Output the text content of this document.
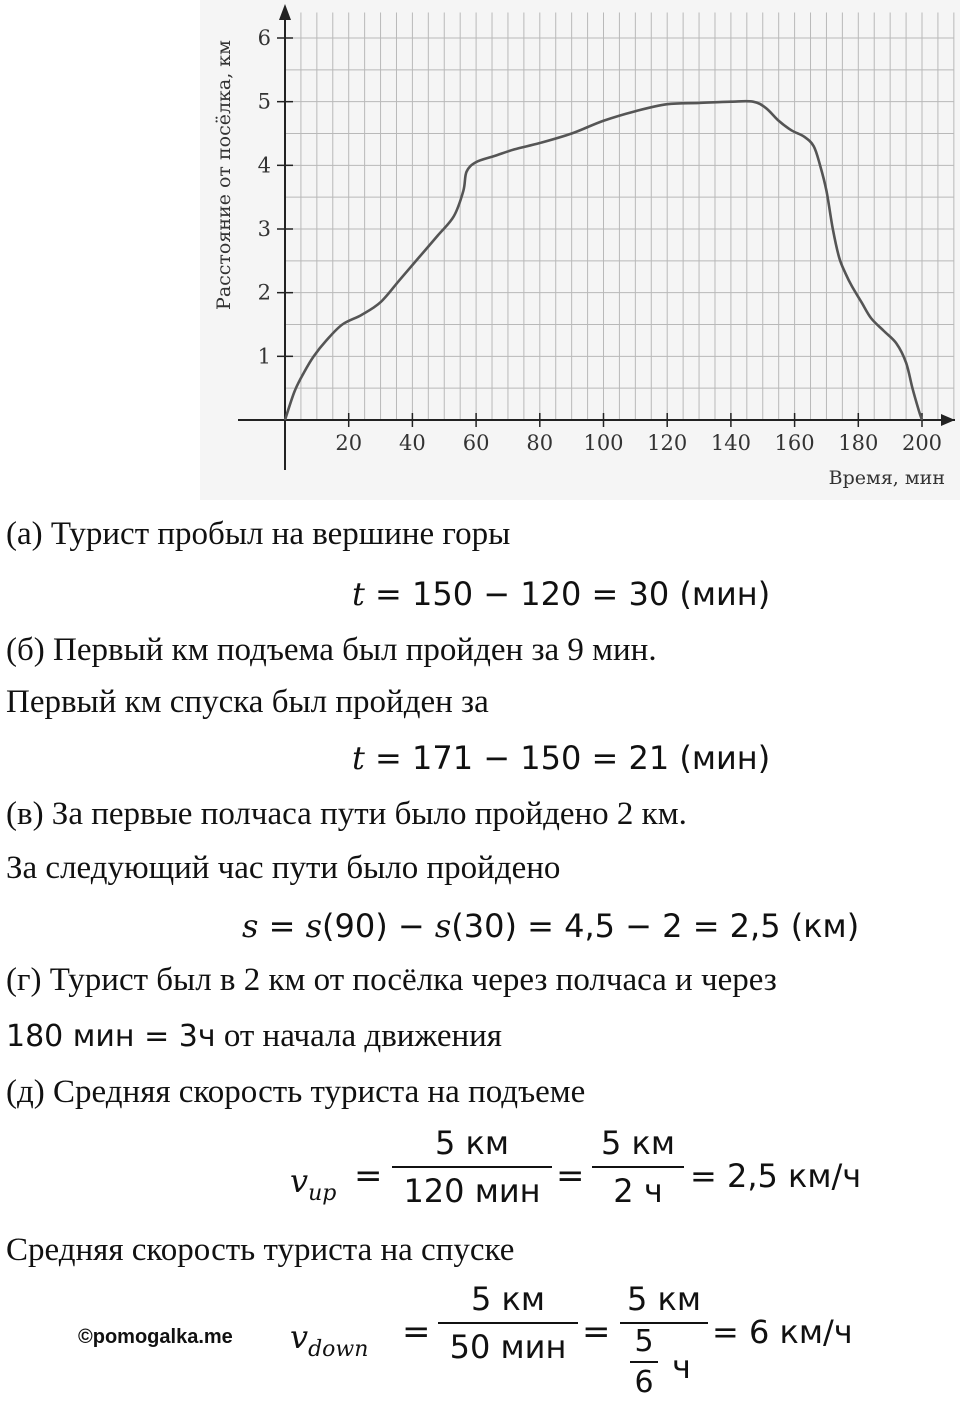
20 40 60 80 100 120 140 160 180 200
1
2
3
4
5
6
Время, мин
Расстояние от посёлка, км
(а) Турист пробыл на вершине горы
t = 150 − 120 = 30 (мин)
(б) Первый км подъема был пройден за 9 мин.
Первый км спуска был пройден за
t = 171 − 150 = 21 (мин)
(в) За первые полчаса пути было пройдено 2 км.
За следующий час пути было пройдено
s = s(90) − s(30) = 4,5 − 2 = 2,5 (км)
(г) Турист был в 2 км от посёлка через полчаса и через
180 мин = 3ч от начала движения
(д) Средняя скорость туриста на подъеме
$v_{up}$ =
5 км
120 мин =
5 км
2 ч = 2,5 км/ч
Средняя скорость туриста на спуске
©pomogalka.me $v_{down}$ =
5 км
50 мин =
5 км
5
6 ч
= 6 км/ч
